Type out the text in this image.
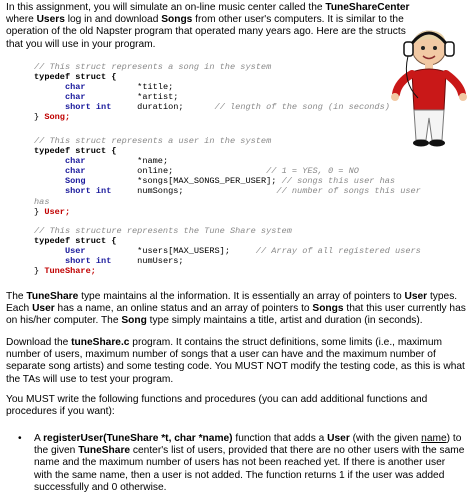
In this assignment, you will simulate an on-line music center called the TuneShareCenter where Users log in and download Songs from other user's computers. It is similar to the operation of the old Napster program that operated many years ago. Here are the structs that you will use in your program.

// This struct represents a song in the system
typedef struct {
char	*title;
char	*artist;
short int	duration;	// length of the song (in seconds)
} Song;
// This struct represents a user in the system
typedef struct {
char	*name;
char	online;	// 1 = YES, 0 = NO
Song	*songs[MAX_SONGS_PER_USER]; // songs this user has
short int	numSongs;	// number of songs this user
has
} User;
// This structure represents the Tune Share system
typedef struct {
User	*users[MAX_USERS];	// Array of all registered users
short int	numUsers;
} TuneShare;

The TuneShare type maintains al the information. It is essentially an array of pointers to User types. Each User has a name, an online status and an array of pointers to Songs that this user currently has on his/her computer. The Song type simply maintains a title, artist and duration (in seconds).

Download the tuneShare.c program. It contains the struct definitions, some limits (i.e., maximum number of users, maximum number of songs that a user can have and the maximum number of separate song artists) and some testing code. You MUST NOT modify the testing code, as this is what the TAs will use to test your program.

You MUST write the following functions and procedures (you can add additional functions and procedures if you want):

• A registerUser(TuneShare *t, char *name) function that adds a User (with the given name) to the given TuneShare center's list of users, provided that there are no other users with the same name and the maximum number of users has not been reached yet. If there is another user with the same name, then a user is not added. The function returns 1 if the user was added successfully and 0 otherwise.
